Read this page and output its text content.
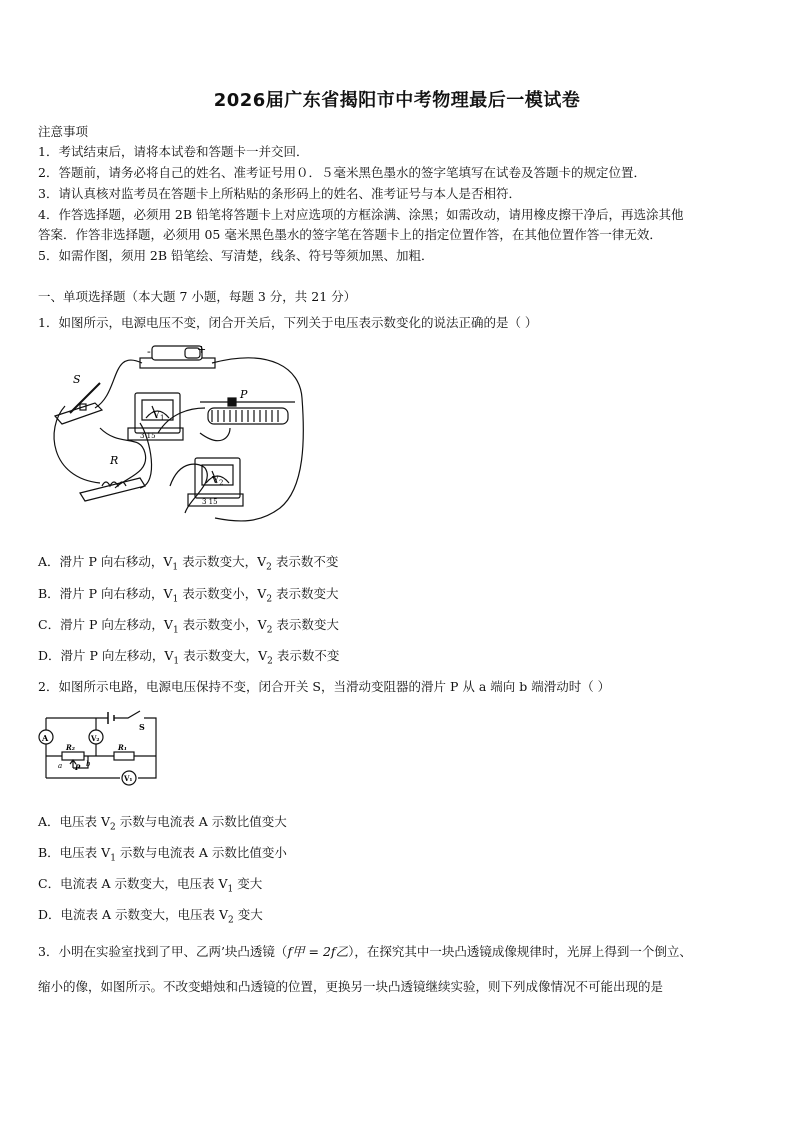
2026届广东省揭阳市中考物理最后一模试卷
注意事项
1．考试结束后，请将本试卷和答题卡一并交回．
2．答题前，请务必将自己的姓名、准考证号用０．５毫米黑色墨水的签字笔填写在试卷及答题卡的规定位置．
3．请认真核对监考员在答题卡上所粘贴的条形码上的姓名、准考证号与本人是否相符．
4．作答选择题，必须用 2B 铅笔将答题卡上对应选项的方框涂满、涂黑；如需改动，请用橡皮擦干净后，再选涂其他
答案．作答非选择题，必须用 05 毫米黑色墨水的签字笔在答题卡上的指定位置作答，在其他位置作答一律无效．
5．如需作图，须用 2B 铅笔绘、写清楚，线条、符号等须加黑、加粗．
一、单项选择题（本大题 7 小题，每题 3 分，共 21 分）
1．如图所示，电源电压不变，闭合开关后，下列关于电压表示数变化的说法正确的是（ ）
S
P
R
-	+
V 1
V 2
3 15
3 15
A．滑片 P 向右移动，$V_1$ 表示数变大，$V_2$ 表示数不变
B．滑片 P 向右移动，$V_1$ 表示数变小，$V_2$ 表示数变大
C．滑片 P 向左移动，$V_1$ 表示数变小，$V_2$ 表示数变大
D．滑片 P 向左移动，$V_1$ 表示数变大，$V_2$ 表示数不变
2．如图所示电路，电源电压保持不变，闭合开关 S，当滑动变阻器的滑片 P 从 a 端向 b 端滑动时（ ）
A	V₂
V₁
S
R₂	R₁
P
a	b
A．电压表 $V_2$ 示数与电流表 A 示数比值变大
B．电压表 $V_1$ 示数与电流表 A 示数比值变小
C．电流表 A 示数变大，电压表 $V_1$ 变大
D．电流表 A 示数变大，电压表 $V_2$ 变大
3．小明在实验室找到了甲、乙两’块凸透镜（f甲 = 2f乙），在探究其中一块凸透镜成像规律时，光屏上得到一个倒立、
缩小的像，如图所示。不改变蜡烛和凸透镜的位置，更换另一块凸透镜继续实验，则下列成像情况不可能出现的是
